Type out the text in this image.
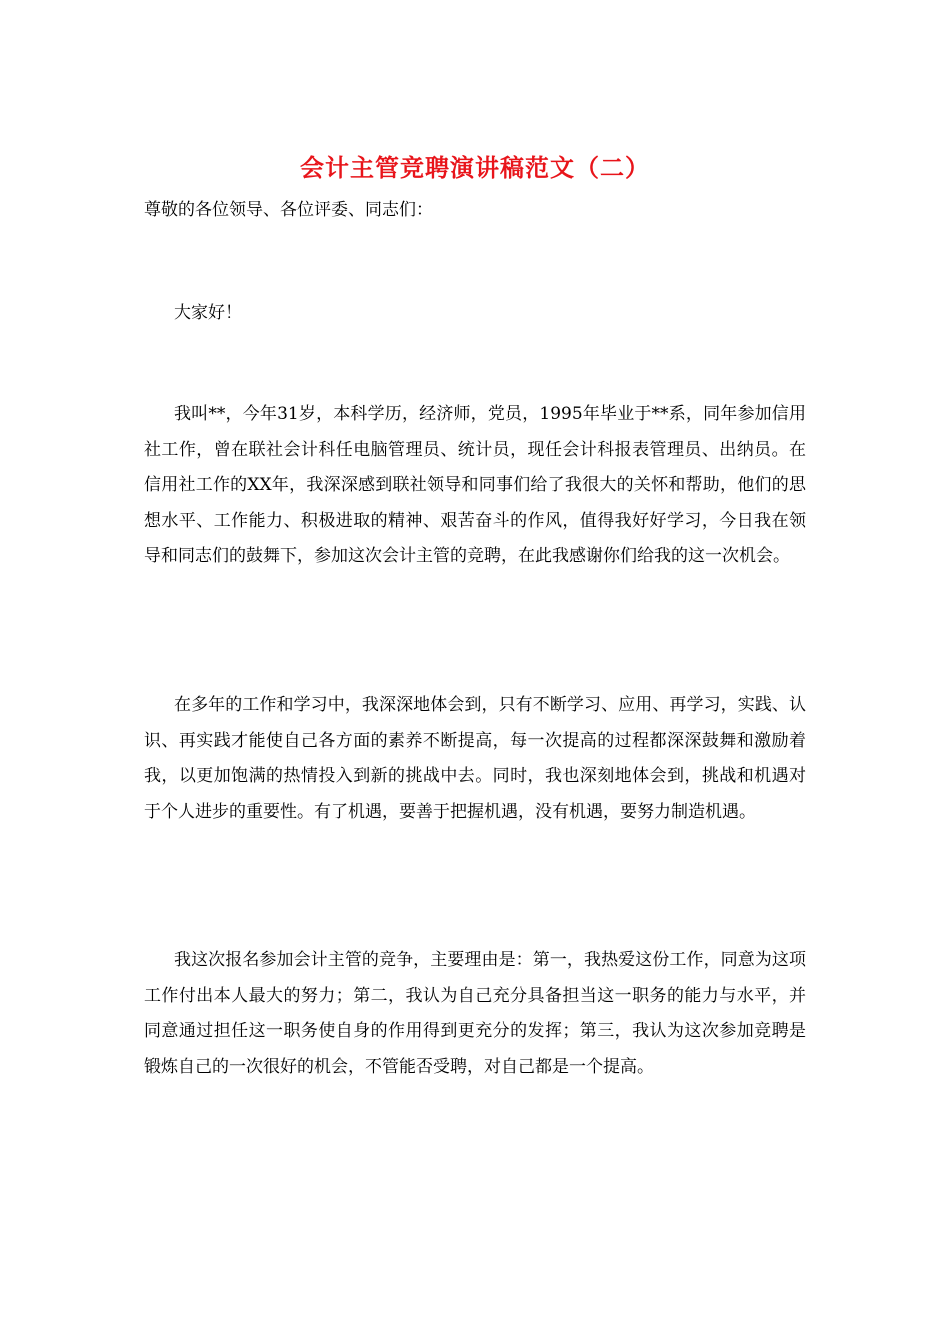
会计主管竞聘演讲稿范文（二）
尊敬的各位领导、各位评委、同志们：
大家好！
我叫**，今年31岁，本科学历，经济师，党员，1995年毕业于**系，同年参加信用社工作，曾在联社会计科任电脑管理员、统计员，现任会计科报表管理员、出纳员。在信用社工作的XX年，我深深感到联社领导和同事们给了我很大的关怀和帮助，他们的思想水平、工作能力、积极进取的精神、艰苦奋斗的作风，值得我好好学习，今日我在领导和同志们的鼓舞下，参加这次会计主管的竞聘，在此我感谢你们给我的这一次机会。
在多年的工作和学习中，我深深地体会到，只有不断学习、应用、再学习，实践、认识、再实践才能使自己各方面的素养不断提高，每一次提高的过程都深深鼓舞和激励着我，以更加饱满的热情投入到新的挑战中去。同时，我也深刻地体会到，挑战和机遇对于个人进步的重要性。有了机遇，要善于把握机遇，没有机遇，要努力制造机遇。
我这次报名参加会计主管的竞争，主要理由是：第一，我热爱这份工作，同意为这项工作付出本人最大的努力；第二，我认为自己充分具备担当这一职务的能力与水平，并同意通过担任这一职务使自身的作用得到更充分的发挥；第三，我认为这次参加竞聘是锻炼自己的一次很好的机会，不管能否受聘，对自己都是一个提高。
